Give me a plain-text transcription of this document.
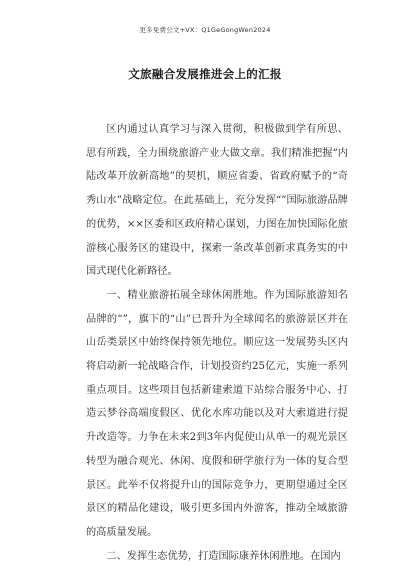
更多免费公文+VX：Q1GeGongWen2024
文旅融合发展推进会上的汇报

区内通过认真学习与深入贯彻，积极做到学有所思、思有所践，全力围绕旅游产业大做文章。我们精准把握“内陆改革开放新高地”的契机，顺应省委、省政府赋予的“奇秀山水”战略定位。在此基础上，充分发挥“”国际旅游品牌的优势，××区委和区政府精心谋划，力图在加快国际化旅游核心服务区的建设中，探索一条改革创新求真务实的中国式现代化新路径。

一、精业旅游拓展全球休闲胜地。作为国际旅游知名品牌的“”，旗下的“山”已晋升为全球闻名的旅游景区并在山岳类景区中始终保持领先地位。顺应这一发展势头区内将启动新一轮战略合作，计划投资约25亿元，实施一系列重点项目。这些项目包括新建索道下站综合服务中心、打造云梦谷高端度假区、优化水库功能以及对大索道进行提升改造等。力争在未来2到3年内促使山从单一的观光景区转型为融合观光、休闲、度假和研学旅行为一体的复合型景区。此举不仅将提升山的国际竞争力，更期望通过全区景区的精品化建设，吸引更多国内外游客，推动全域旅游的高质量发展。

二、发挥生态优势，打造国际康养休闲胜地。在国内
